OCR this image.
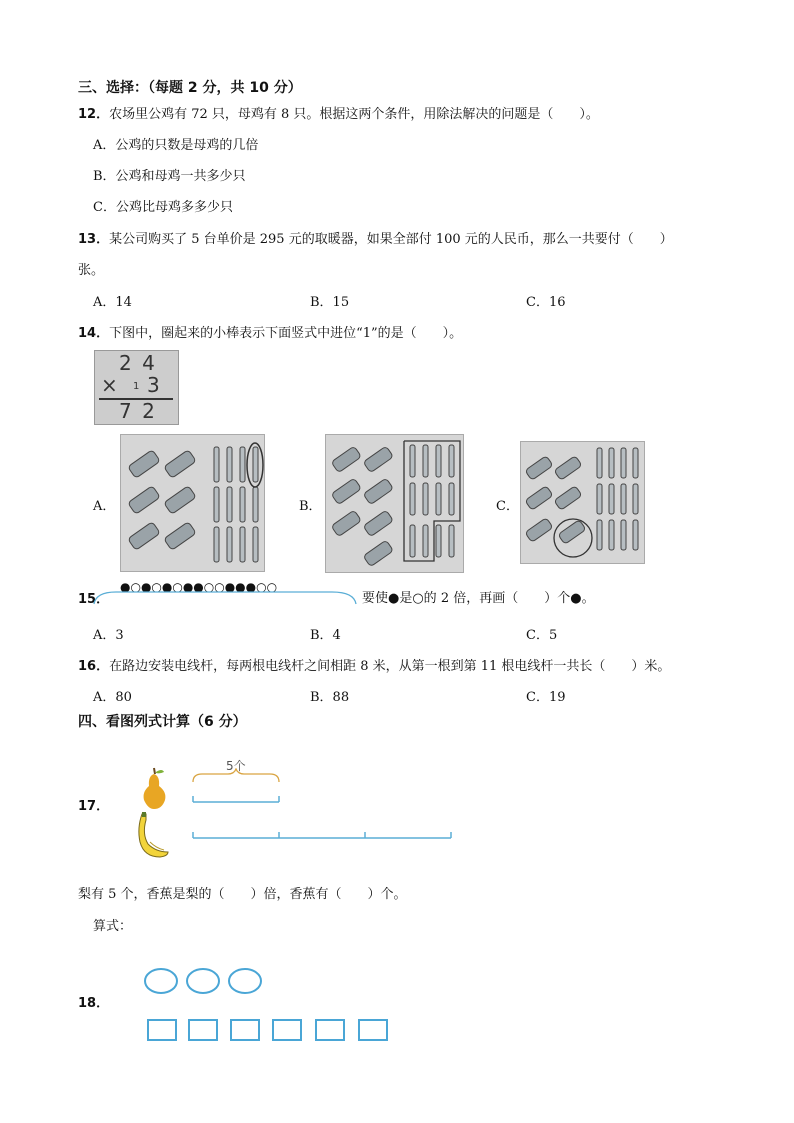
三、选择：（每题 2 分，共 10 分）
12．农场里公鸡有 72 只，母鸡有 8 只。根据这两个条件，用除法解决的问题是（　　）。
A．公鸡的只数是母鸡的几倍
B．公鸡和母鸡一共多少只
C．公鸡比母鸡多多少只
13．某公司购买了 5 台单价是 295 元的取暖器，如果全部付 100 元的人民币，那么一共要付（　　）
张。
A．14	B．15	C．16
14．下图中，圈起来的小棒表示下面竖式中进位“1”的是（　　）。
2 4
× 1 3
7 2
A．	B．	C．
15．
●○●○●○●●○○●●●○○
要使●是○的 2 倍，再画（　　）个●。
A．3	B．4	C．5
16．在路边安装电线杆，每两根电线杆之间相距 8 米，从第一根到第 11 根电线杆一共长（　　）米。
A．80	B．88	C．19
四、看图列式计算（6 分）
17．
5个
梨有 5 个，香蕉是梨的（　　）倍，香蕉有（　　）个。
算式：
18．
